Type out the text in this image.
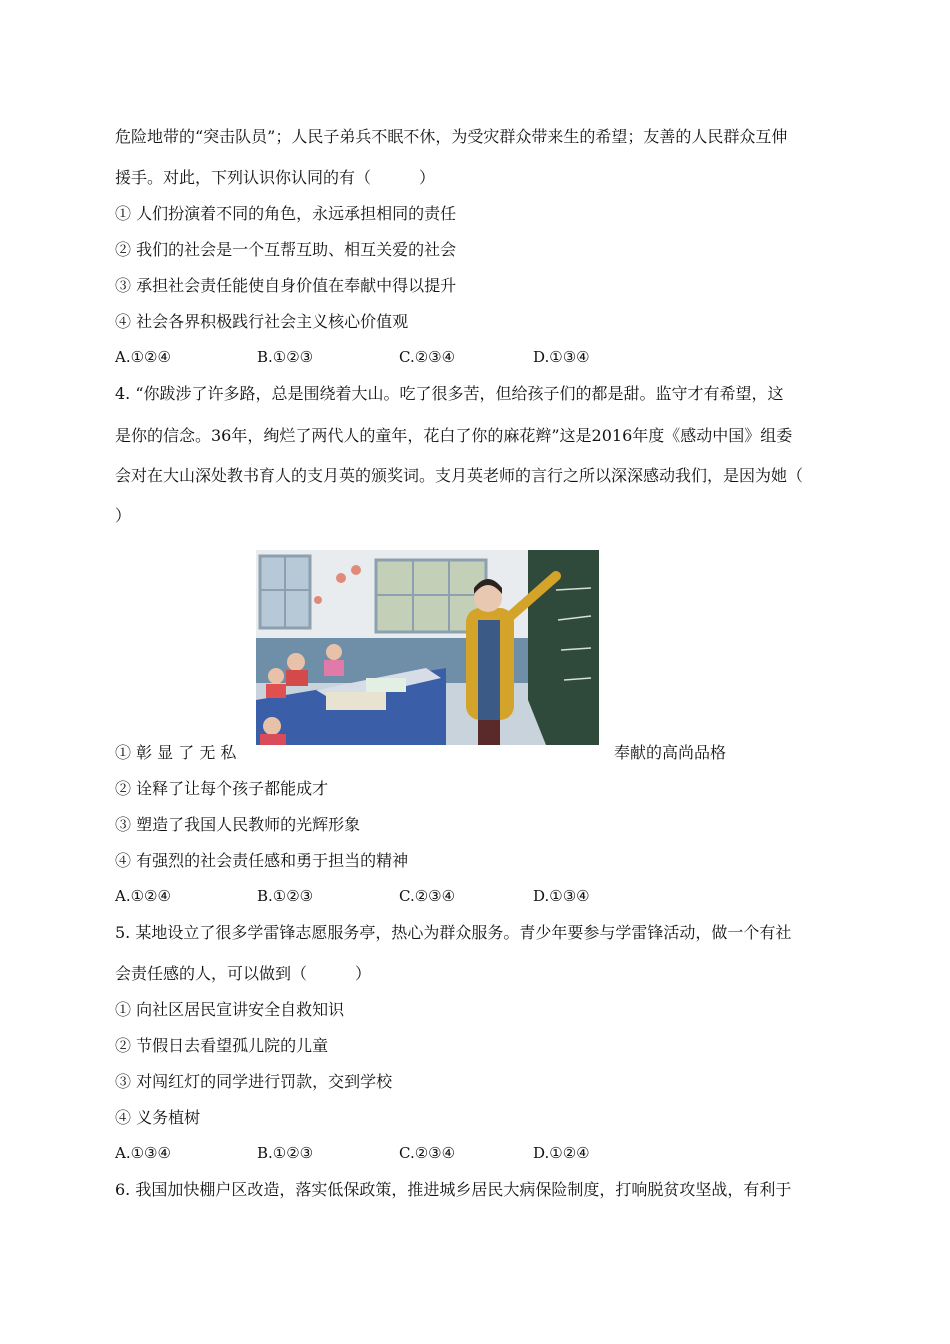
危险地带的“突击队员”；人民子弟兵不眠不休，为受灾群众带来生的希望；友善的人民群众互伸
援手。对此，下列认识你认同的有（　　　）
① 人们扮演着不同的角色，永远承担相同的责任
② 我们的社会是一个互帮互助、相互关爱的社会
③ 承担社会责任能使自身价值在奉献中得以提升
④ 社会各界积极践行社会主义核心价值观
A.①②④	B.①②③	C.②③④	D.①③④
4. “你跋涉了许多路，总是围绕着大山。吃了很多苦，但给孩子们的都是甜。监守才有希望，这
是你的信念。36年，绚烂了两代人的童年，花白了你的麻花辫”这是2016年度《感动中国》组委
会对在大山深处教书育人的支月英的颁奖词。支月英老师的言行之所以深深感动我们，是因为她（
）
① 彰 显 了 无 私	奉献的高尚品格
② 诠释了让每个孩子都能成才
③ 塑造了我国人民教师的光辉形象
④ 有强烈的社会责任感和勇于担当的精神
A.①②④	B.①②③	C.②③④	D.①③④
5. 某地设立了很多学雷锋志愿服务亭，热心为群众服务。青少年要参与学雷锋活动，做一个有社
会责任感的人，可以做到（　　　）
① 向社区居民宣讲安全自救知识
② 节假日去看望孤儿院的儿童
③ 对闯红灯的同学进行罚款，交到学校
④ 义务植树
A.①③④	B.①②③	C.②③④	D.①②④
6. 我国加快棚户区改造，落实低保政策，推进城乡居民大病保险制度，打响脱贫攻坚战，有利于
